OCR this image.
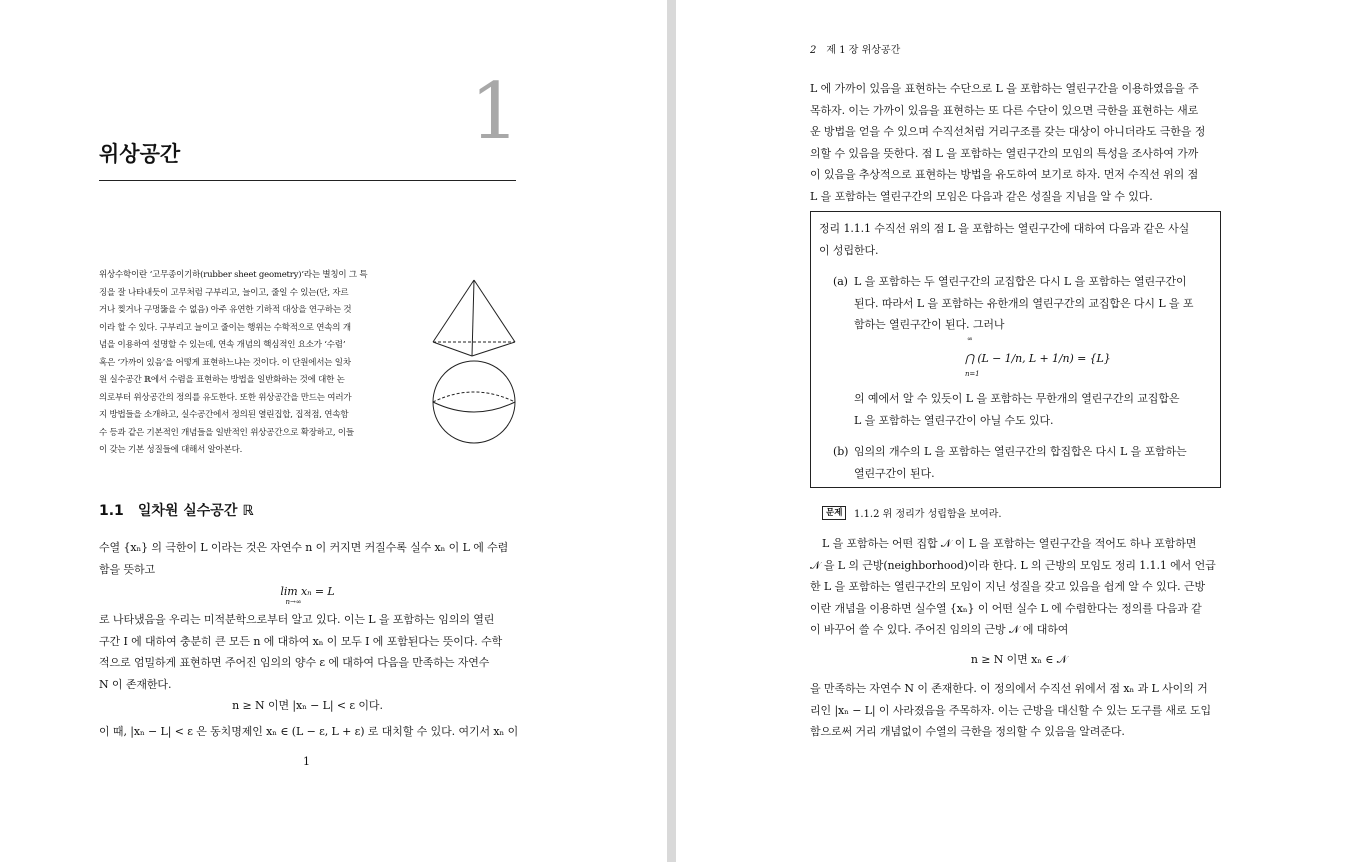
1
위상공간
위상수학이란 ‘고무종이기하(rubber sheet geometry)’라는 별칭이 그 특
징을 잘 나타내듯이 고무처럼 구부리고, 늘이고, 줄일 수 있는(단, 자르
거나 찢거나 구멍뚫을 수 없음) 아주 유연한 기하적 대상을 연구하는 것
이라 할 수 있다. 구부리고 늘이고 줄이는 행위는 수학적으로 연속의 개
념을 이용하여 설명할 수 있는데, 연속 개념의 핵심적인 요소가 ‘수렴’
혹은 ‘가까이 있음’을 어떻게 표현하느냐는 것이다. 이 단원에서는 일차
원 실수공간 ℝ에서 수렴을 표현하는 방법을 일반화하는 것에 대한 논
의로부터 위상공간의 정의를 유도한다. 또한 위상공간을 만드는 여러가
지 방법들을 소개하고, 실수공간에서 정의된 열린집합, 집적점, 연속함
수 등과 같은 기본적인 개념들을 일반적인 위상공간으로 확장하고, 이들
이 갖는 기본 성질들에 대해서 알아본다.
1.1 일차원 실수공간 ℝ
수열 {xₙ} 의 극한이 L 이라는 것은 자연수 n 이 커지면 커질수록 실수 xₙ 이 L 에 수렴
함을 뜻하고
lim xₙ = L
n→∞
로 나타냈음을 우리는 미적분학으로부터 알고 있다. 이는 L 을 포함하는 임의의 열린
구간 I 에 대하여 충분히 큰 모든 n 에 대하여 xₙ 이 모두 I 에 포함된다는 뜻이다. 수학
적으로 엄밀하게 표현하면 주어진 임의의 양수 ε 에 대하여 다음을 만족하는 자연수
N 이 존재한다.
n ≥ N 이면 |xₙ − L| < ε 이다.
이 때, |xₙ − L| < ε 은 동치명제인 xₙ ∈ (L − ε, L + ε) 로 대치할 수 있다. 여기서 xₙ 이
1
2 제 1 장 위상공간
L 에 가까이 있음을 표현하는 수단으로 L 을 포함하는 열린구간을 이용하였음을 주
목하자. 이는 가까이 있음을 표현하는 또 다른 수단이 있으면 극한을 표현하는 새로
운 방법을 얻을 수 있으며 수직선처럼 거리구조를 갖는 대상이 아니더라도 극한을 정
의할 수 있음을 뜻한다. 점 L 을 포함하는 열린구간의 모임의 특성을 조사하여 가까
이 있음을 추상적으로 표현하는 방법을 유도하여 보기로 하자. 먼저 수직선 위의 점
L 을 포함하는 열린구간의 모임은 다음과 같은 성질을 지님을 알 수 있다.
정리 1.1.1 수직선 위의 점 L 을 포함하는 열린구간에 대하여 다음과 같은 사실
이 성립한다.
(a) L 을 포함하는 두 열린구간의 교집합은 다시 L 을 포함하는 열린구간이
된다. 따라서 L 을 포함하는 유한개의 열린구간의 교집합은 다시 L 을 포
함하는 열린구간이 된다. 그러나
∞
⋂ (L − 1/n, L + 1/n) = {L}
n=1
의 예에서 알 수 있듯이 L 을 포함하는 무한개의 열린구간의 교집합은
L 을 포함하는 열린구간이 아닐 수도 있다.
(b) 임의의 개수의 L 을 포함하는 열린구간의 합집합은 다시 L 을 포함하는
열린구간이 된다.
문제	1.1.2 위 정리가 성립함을 보여라.
L 을 포함하는 어떤 집합 𝒩 이 L 을 포함하는 열린구간을 적어도 하나 포함하면
𝒩 을 L 의 근방(neighborhood)이라 한다. L 의 근방의 모임도 정리 1.1.1 에서 언급
한 L 을 포함하는 열린구간의 모임이 지닌 성질을 갖고 있음을 쉽게 알 수 있다. 근방
이란 개념을 이용하면 실수열 {xₙ} 이 어떤 실수 L 에 수렴한다는 정의를 다음과 같
이 바꾸어 쓸 수 있다. 주어진 임의의 근방 𝒩 에 대하여
n ≥ N 이면 xₙ ∈ 𝒩
을 만족하는 자연수 N 이 존재한다. 이 정의에서 수직선 위에서 점 xₙ 과 L 사이의 거
리인 |xₙ − L| 이 사라졌음을 주목하자. 이는 근방을 대신할 수 있는 도구를 새로 도입
함으로써 거리 개념없이 수열의 극한을 정의할 수 있음을 알려준다.
